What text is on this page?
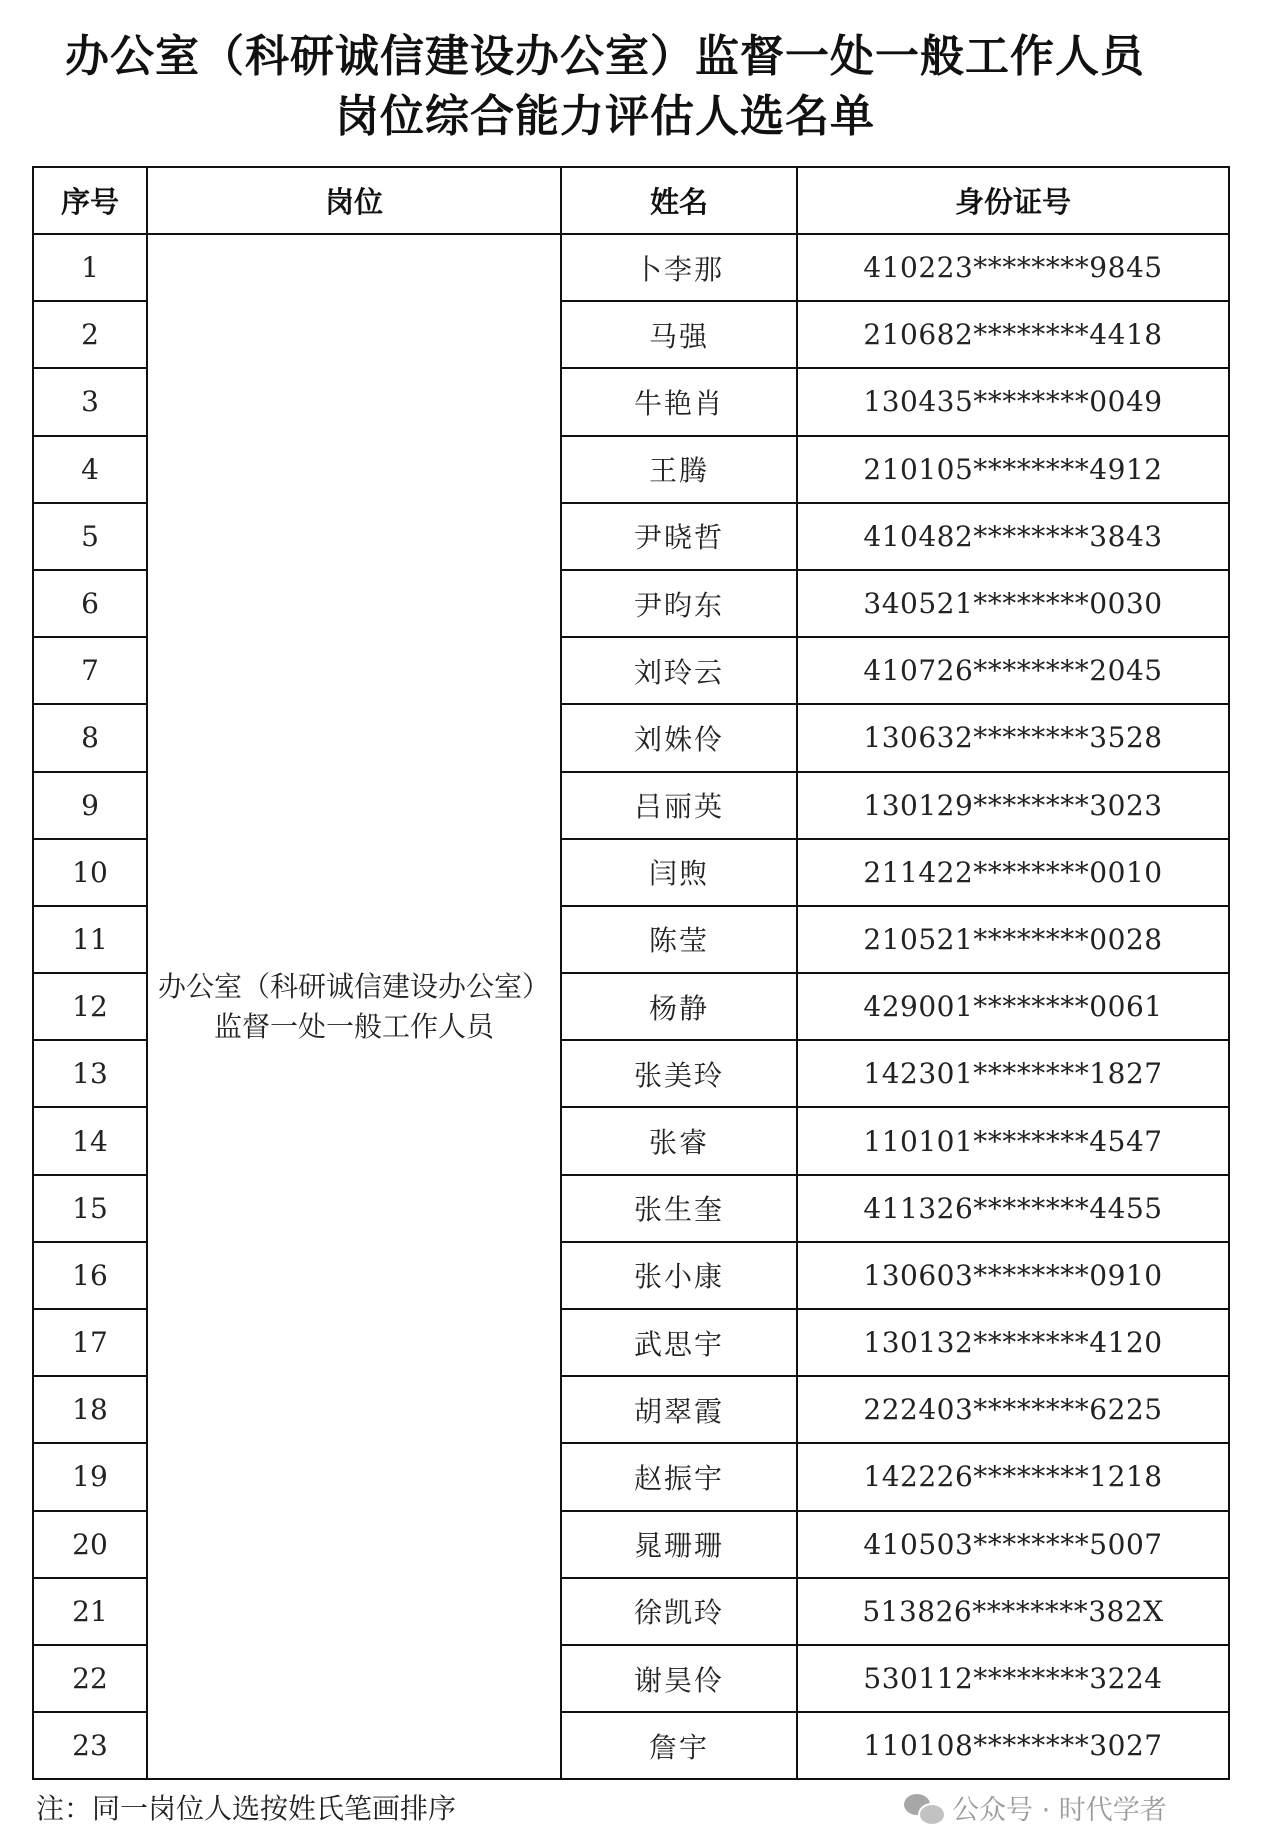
办公室（科研诚信建设办公室）监督一处一般工作人员
岗位综合能力评估人选名单
序号	岗位	姓名	身份证号
1	办公室（科研诚信建设办公室）监督一处一般工作人员	卜李那	410223********9845
2		马强	210682********4418
3		牛艳肖	130435********0049
4		王腾	210105********4912
5		尹晓哲	410482********3843
6		尹昀东	340521********0030
7		刘玲云	410726********2045
8		刘姝伶	130632********3528
9		吕丽英	130129********3023
10		闫煦	211422********0010
11		陈莹	210521********0028
12		杨静	429001********0061
13		张美玲	142301********1827
14		张睿	110101********4547
15		张生奎	411326********4455
16		张小康	130603********0910
17		武思宇	130132********4120
18		胡翠霞	222403********6225
19		赵振宇	142226********1218
20		晁珊珊	410503********5007
21		徐凯玲	513826********382X
22		谢昊伶	530112********3224
23		詹宇	110108********3027
注：同一岗位人选按姓氏笔画排序	公众号 · 时代学者
